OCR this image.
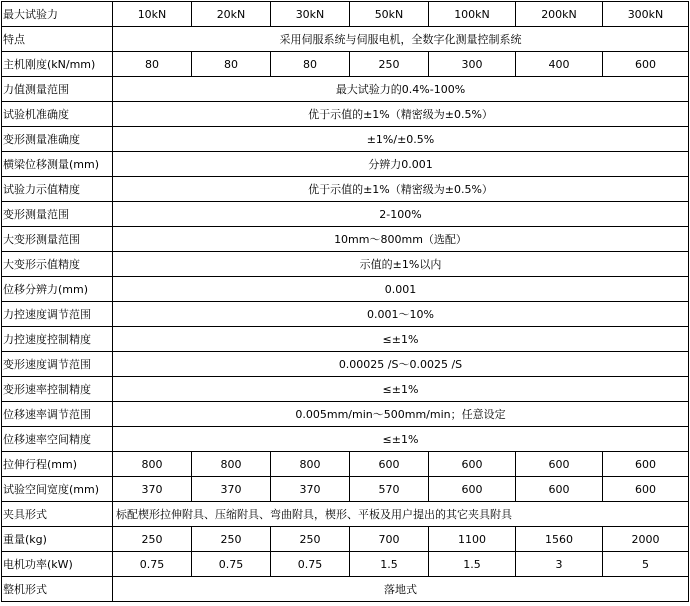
最大试验力	10kN	20kN	30kN	50kN	100kN	200kN	300kN
特点	采用伺服系统与伺服电机，全数字化测量控制系统						
主机刚度(kN/mm)	80	80	80	250	300	400	600
力值测量范围	最大试验力的0.4%-100%						
试验机准确度	优于示值的±1%（精密级为±0.5%）						
变形测量准确度	±1%/±0.5%						
横梁位移测量(mm)	分辨力0.001						
试验力示值精度	优于示值的±1%（精密级为±0.5%）						
变形测量范围	2-100%						
大变形测量范围	10mm～800mm（选配）						
大变形示值精度	示值的±1%以内						
位移分辨力(mm)	0.001						
力控速度调节范围	0.001～10%						
力控速度控制精度	≤±1%						
变形速度调节范围	0.00025 /S～0.0025 /S						
变形速率控制精度	≤±1%						
位移速率调节范围	0.005mm/min～500mm/min；任意设定						
位移速率空间精度	≤±1%						
拉伸行程(mm)	800	800	800	600	600	600	600
试验空间宽度(mm)	370	370	370	570	600	600	600
夹具形式	标配楔形拉伸附具、压缩附具、弯曲附具，楔形、平板及用户提出的其它夹具附具						
重量(kg)	250	250	250	700	1100	1560	2000
电机功率(kW)	0.75	0.75	0.75	1.5	1.5	3	5
整机形式	落地式						
